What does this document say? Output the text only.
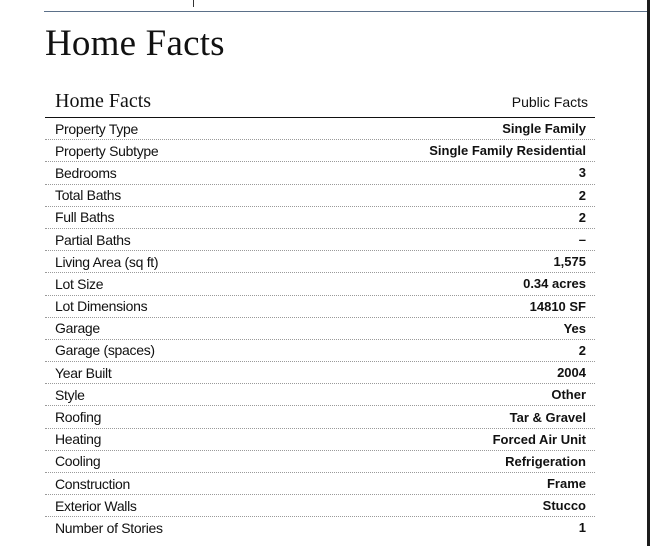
Home Facts
Home Facts	Public Facts
Property Type	Single Family
Property Subtype	Single Family Residential
Bedrooms	3
Total Baths	2
Full Baths	2
Partial Baths	–
Living Area (sq ft)	1,575
Lot Size	0.34 acres
Lot Dimensions	14810 SF
Garage	Yes
Garage (spaces)	2
Year Built	2004
Style	Other
Roofing	Tar & Gravel
Heating	Forced Air Unit
Cooling	Refrigeration
Construction	Frame
Exterior Walls	Stucco
Number of Stories	1
